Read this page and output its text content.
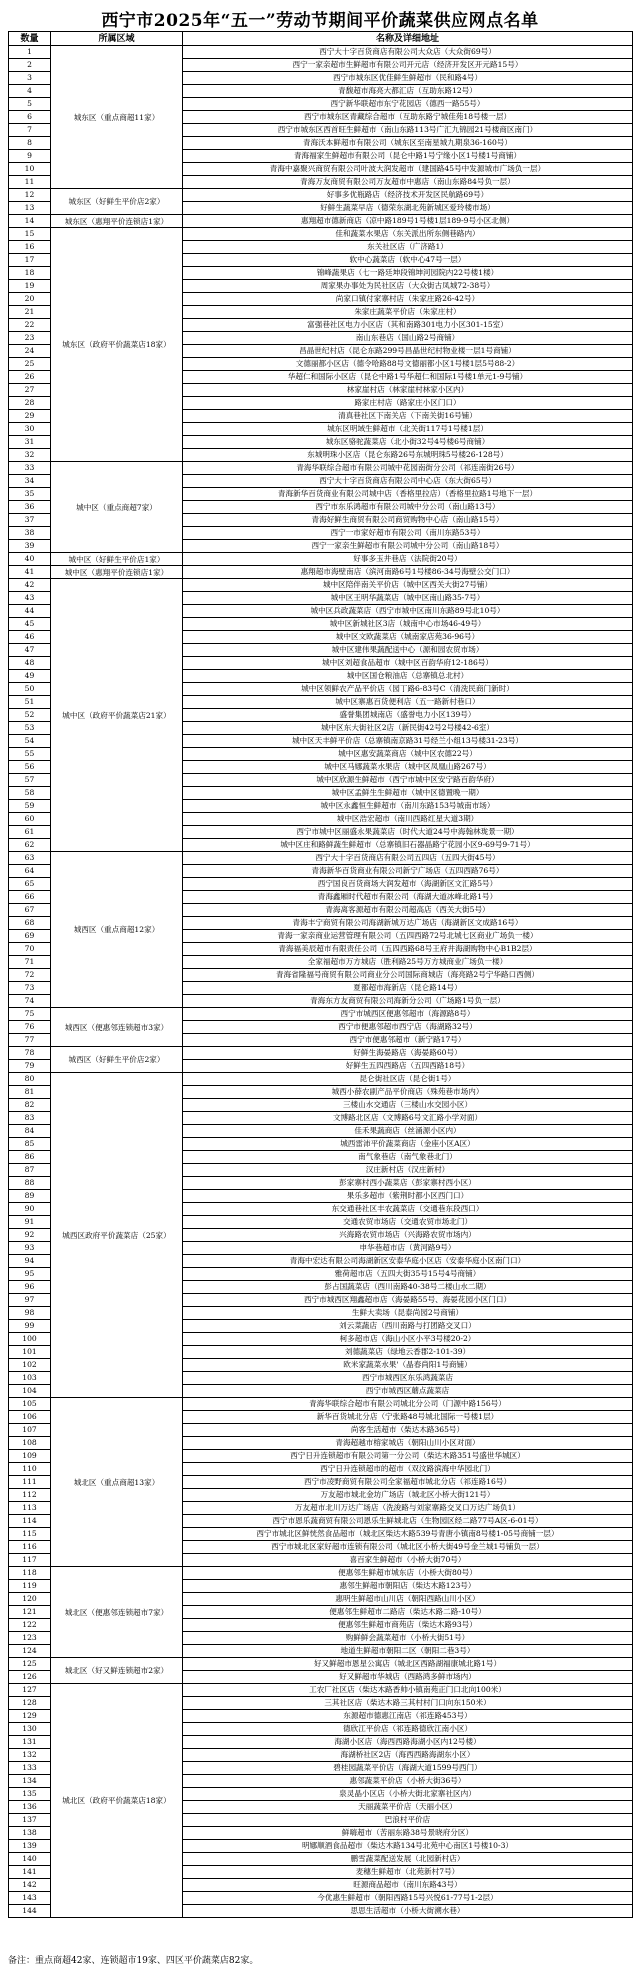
西宁市2025年“五一”劳动节期间平价蔬菜供应网点名单
数量	所属区域	名称及详细地址
1	城东区（重点商超11家）	西宁大十字百货商店有限公司大众店（大众街69号）
2		西宁一家亲超市生鲜超市有限公司开元店（经济开发区开元路15号）
3		西宁市城东区优佳鲜生鲜超市（民和路4号）
4		青馥超市海亮大都汇店（互助东路12号）
5		西宁新华联超市东宁花园店（德西一路55号）
6		西宁市城东区青藏综合超市（互助东路宁城佳苑18号楼一层）
7		西宁市城东区西首旺生鲜超市（南山东路113号广汇九锦园21号楼商区南门）
8		青海沃本鲜超市有限公司（城东区至南星城九期泉36-160号）
9		青海福家生鲜超市有限公司（昆仑中路1号宁缘小区1号楼1号商铺）
10		青海中嘉聚兴商贸有限公司叶波大润发超市（建国路45号中发源城市广场负一层）
11		青海万友商贸有限公司万友超市中惠店（南山东路84号负一层）
12	城东区（好鲜生平价店2家）	好事多优瓶路店（经济技术开发区民航路69号）
13		好鲜生蔬菜早店（德荣东湖北苑新城区爱玲楼市场）
14	城东区（惠翔平价连锁店1家）	惠翔超市德新商店（凉中路189号1号楼1层189-9号小区北侧）
15	城东区（政府平价蔬菜店18家）	佳和蔬菜水果店（东关派出所东侧巷路内）
16		东关社区店（广济路1）
17		软中心蔬菜店（软中心47号一层）
18		锦峰蔬果店（七一路廷坤段锦坤河园院内22号楼1楼）
19		周家果办事处为民社区店（大众街古凤城72-38号）
20		尚家口镇付家寨村店（朱家庄路26-42号）
21		朱家庄蔬菜平价店（朱家庄村）
22		富强巷社区电力小区店（其和南路301电力小区301-15室）
23		南山东巷店（国山路2号商铺）
24		昌晶世纪村店（昆仑东路299号昌晶世纪村物业楼一层1号商铺）
25		文德丽都小区店（德令哈路88号文德丽都小区1号楼1层5号88-2）
26		华超仁和国际小区店（昆仑中路1号华超仁和国际1号楼1单元1-9号铺）
27		林家崖村店（林家崖村林家小区内）
28		路家庄村店（路家庄小区门口）
29		清真巷社区下南关店（下南关街16号铺）
30		城东区明域生鲜超市（北关街117号1号楼1层）
31		城东区骆驼蔬菜店（北小街32号4号楼6号商铺）
32		东城明珠小区店（昆仑东路26号东城明珠5号楼26-128号）
33	城中区（重点商超7家）	青海华联综合超市有限公司城中花园南街分公司（祁连南街26号）
34		西宁大十字百货商店有限公司中心店（东大街65号）
35		青海新华百货商业有限公司城中店（香格里拉店）（香格里拉路1号地下一层）
36		西宁市东乐鸿超市有限公司城中分公司（南山路13号）
37		青海好鲜生商贸有限公司商贸购物中心店（南山路15号）
38		西宁一市家好超市有限公司（南川东路53号）
39		西宁一家亲生鲜超市有限公司城中分公司（南山路18号）
40	城中区（好鲜生平价店1家）	好事多玉井巷店（法院街20号）
41	城中区（惠翔平价连锁店1家）	惠翔超市海壁南店（滨河南路6号1号楼86-34号海壁公交门口）
42	城中区（政府平价蔬菜店21家）	城中区陪伴南关平价店（城中区西关大街27号铺）
43		城中区王明华蔬菜店（城中区南山路35-7号）
44		城中区兵政蔬菜店（西宁市城中区南川东路89号北10号）
45		城中区新城社区3店（城南中心市场46-49号）
46		城中区文欧蔬菜店（城南家店苑36-96号）
47		城中区建伟果蔬配送中心（源和园农贸市场）
48		城中区刘超食品超市（城中区百韵华府12-186号）
49		城中区国仓粮油店（总寨镇总北村）
50		城中区领鲜农产品平价店（园丁路6-83号C（清洗民商门新时）
51		城中区寨惠百货便利店（五一路新村巷口）
52		盛誉集团城南店（盛誉电力小区139号）
53		城中区东大街社区2店（新民街42号2号楼42-6室）
54		城中区天丰鲜平价店（总寨镇南京路31号经兰小组13号楼31-23号）
55		城中区惠安蔬菜商店（城中区农德22号）
56		城中区马娜蔬菜水果店（城中区凤凰山路267号）
57		城中区欣源生鲜超市（西宁市城中区安宁路百韵华府）
58		城中区孟鲜生生鲜超市（城中区德置晚一期）
59		城中区永鑫恒生鲜超市（南川东路153号城南市场）
60		城中区浩宏超市（南川西路红星大道3期）
61		西宁市城中区丽盛永果蔬菜店（时代大道24号中海翰林珑景一期）
62		城中区庄和路鲜蔬生鲜超市（总寨镇旧石器晶路宁花园小区9-69号9-71号）
63	城西区（重点商超12家）	西宁大十字百货商店有限公司五四店（五四大街45号）
64		青海新华百货商业有限公司新宁广场店（五四西路76号）
65		西宁国良百货商场大润发超市（海湖新区文汇路5号）
66		青海鑫厢时代超市有限公司（海湖大道冰峰北路1号）
67		青海离客源超市有限公司超高店（西关大街5号）
68		青海丰宁商贸有限公司海湖新城万达广场店（海湖新区文成路16号）
69		青海一家亲商业运营管理有限公司（五四西路72号北城七区商业广场负一楼）
70		青海福美辰超市有限责任公司（五四西路68号王府井海湖购物中心B1B2层）
71		全家福超市万方城店（胜利路25号万方城商业广场负一楼）
72		青海省隆福号商贸有限公司商业分公司国际商城店（海亮路2号宁华路口西侧）
73		夏都超市海新店（昆仑路14号）
74		青海东方友商贸有限公司海新分公司（广场路1号负一层）
75	城西区（便惠邻连锁超市3家）	西宁市城西区便惠邻超市（海源路8号）
76		西宁市便惠邻超市西宁店（海湖路32号）
77		西宁市便惠邻超市（新宁路17号）
78	城西区（好鲜生平价店2家）	好鲜生海晏路店（海晏路60号）
79		好鲜生五四西路店（五四西路18号）
80	城西区政府平价蔬菜店（25家）	昆仑街社区店（昆仑街1号）
81		城西小薛农副产品平价商店（殊苑巷市场内）
82		三楼山水交通店（三楼山水交园小区）
83		文博路北区店（文博路6号文汇路小学对面）
84		佳禾果蔬商店（丝涌源小区内）
85		城西雷沛平价蔬菜商店（金座小区A区）
86		南气象巷店（南气象巷北门）
87		汉庄新村店（汉庄新村）
88		彭家寨村西小蔬菜店（彭家寨村西小区）
89		果乐多超市（紫荆时都小区西门口）
90		东交通巷社区丰农蔬菜店（交通巷东段西口）
91		交通农贸市场店（交通农贸市场北门）
92		兴海路农贸市场店（兴海路农贸市场内）
93		申华巷超市店（黄河路9号）
94		青海中宏达有限公司海湖新区安泰华庭小区店（安泰华庭小区南门口）
95		雅荷超市店（五四大街35号15号4号商铺）
96		彭占国蔬菜店（西川南路40-38号二楼山水二期）
97		西宁市城西区翔鑫超市店（海晏路55号、海晏花园小区门口）
98		生鲜大卖场（昆泰尚园2号商铺）
99		刘云菜蔬店（西川南路与打团路交叉口）
100		柯多超市店（海山小区小平3号楼20-2）
101		刘德蔬菜店（绿地云香郡2-101-39）
102		欧米家蔬菜水果'（晶春尚阳1号商铺）
103		西宁市城西区东乐鸿蔬菜店
104		西宁市城西区蘑点蔬菜店
105	城北区（重点商超13家）	青海华联综合超市有限公司城北分公司（门源中路156号）
106		新华百货城北分店（宁张路48号城北国际一号楼1层）
107		尚客生活超市（柴达木路365号）
108		青海超越市榕家城店（朝阳山川小区对面）
109		西宁日升连锁超市有限公司第一分公司（柴达木路351号盛世华城区）
110		西宁日升连锁超市的超市（双汶路滨海中华园北门）
111		西宁市凌野商贸有限公司全家福超市城北分店（祁连路16号）
112		万友超市城北金坊广场店（城北区小桥大街121号）
113		万友超市北川万达广场店（洗浚路与刘家寨路交叉口万达广场负1）
114		西宁市恩乐蔬商贸有限公司恩乐生鲜城北店（生物园区经二路77号A区-6-01号）
115		西宁市城北区鲜恍然食品超市（城北区柴达木路539号青唐小镇南8号楼1-05号商铺一层）
116		西宁市城北区家好超市连锁有限公司（城北区小桥大街49号金兰城1号铺负一层）
117		喜百家生鲜超市（小桥大街70号）
118	城北区（便惠邻连锁超市7家）	便惠邻生鲜超市城东店（小桥大街80号）
119		惠邻生鲜超市朝阳店（柴达木路123号）
120		惠明生鲜超市山川店（朝阳西路山川小区）
121		便惠邻生鲜超市二路店（柴达木路二路-10号）
122		便惠邻生鲜超市商苑店（柴达木路93号）
123		购鲜鲜会蔬菜超市（小桥大街51号）
124		地道生鲜超市朝阳二区（朝阳二巷3号）
125	城北区（好又鲜连锁超市2家）	好又鲜超市恩星公寓店（城北区西路湖福康城北路1号）
126		好又鲜超市华城店（西路鸿多鲜市场内）
127	城北区（政府平价蔬菜店18家）	工农厂社区店（柴达木路香帅小镇南苑正门口北向100米）
128		三其社区店（柴达木路三其村村门口向东150米）
129		东源超市德惠江南店（祁连路453号）
130		德欣江平价店（祁连路德欣江南小区）
131		海湖小区店（海西西路海湖小区内12号楼）
132		海湖桥社区2店（海西西路海湖东小区）
133		碧桂园蔬菜平价店（海湖大道1599号西门）
134		惠邻蔬菜平价店（小桥大街36号）
135		泉灵晶小区店（小桥大街北家寨社区内）
136		天丽蔬菜平价店（天丽小区）
137		巴浪村平价店
138		鲜嗨超市（苦丽东路38号景晓府分区）
139		明娜顺酒食品超市（柴达木路134号北苑中心南区1号楼10-3）
140		鹏雪蔬菜配送发展（北园新村店）
141		麦穗生鲜超市（北苑新村7号）
142		旺源商品超市（南川东路43号）
143		今优惠生鲜超市（朝阳西路15号兴悦61-77号1-2层）
144		思思生活超市（小桥大街溯水巷）
备注：重点商超42家、连锁超市19家、四区平价蔬菜店82家。
